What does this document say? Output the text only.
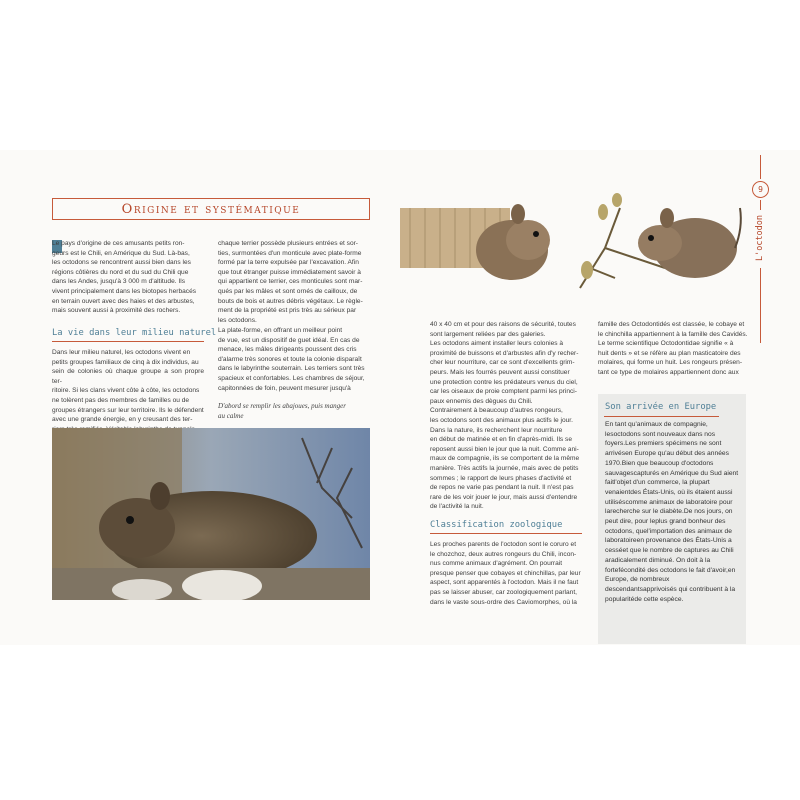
Origine et systématique
Le pays d'origine de ces amusants petits ron-
geurs est le Chili, en Amérique du Sud. Là-bas,
les octodons se rencontrent aussi bien dans les
régions côtières du nord et du sud du Chili que
dans les Andes, jusqu'à 3 000 m d'altitude. Ils
vivent principalement dans les biotopes herbacés
en terrain ouvert avec des haies et des arbustes,
mais souvent aussi à proximité des rochers.
La vie dans leur milieu naturel
Dans leur milieu naturel, les octodons vivent en
petits groupes familiaux de cinq à dix individus, au
sein de colonies où chaque groupe a son propre ter-
ritoire. Si les clans vivent côte à côte, les octodons
ne tolèrent pas des membres de familles ou de
groupes étrangers sur leur territoire. Ils le défendent
avec une grande énergie, en y creusant des ter-
chaque terrier possède plusieurs entrées et sor-
ties, surmontées d'un monticule avec plate-forme
formé par la terre expulsée par l'excavation. Afin
que tout étranger puisse immédiatement savoir à
qui appartient ce terrier, ces monticules sont mar-
qués par les mâles et sont ornés de cailloux, de
bouts de bois et autres débris végétaux. Le règle-
ment de la propriété est pris très au sérieux par
les octodons.
La plate-forme, en offrant un meilleur point
de vue, est un dispositif de guet idéal. En cas de
menace, les mâles dirigeants poussent des cris
d'alarme très sonores et toute la colonie disparaît
dans le labyrinthe souterrain. Les terriers sont très
spacieux et confortables. Les chambres de séjour,
capitonnées de foin, peuvent mesurer jusqu'à
D'abord se remplir les abajoues, puis manger
au calme
40 x 40 cm et pour des raisons de sécurité, toutes
sont largement reliées par des galeries.
Les octodons aiment installer leurs colonies à
proximité de buissons et d'arbustes afin d'y recher-
cher leur nourriture, car ce sont d'excellents grim-
peurs. Mais les fourrés peuvent aussi constituer
une protection contre les prédateurs venus du ciel,
car les oiseaux de proie comptent parmi les princi-
paux ennemis des dègues du Chili.
Contrairement à beaucoup d'autres rongeurs,
les octodons sont des animaux plus actifs le jour.
Dans la nature, ils recherchent leur nourriture
en début de matinée et en fin d'après-midi. Ils se
reposent aussi bien le jour que la nuit. Comme ani-
maux de compagnie, ils se comportent de la même
manière. Très actifs la journée, mais avec de petits
sommes ; le rapport de leurs phases d'activité et
de repos ne varie pas pendant la nuit. Il n'est pas
rare de les voir jouer le jour, mais aussi d'entendre
de l'activité la nuit.
Classification zoologique
Les proches parents de l'octodon sont le coruro et
le chozchoz, deux autres rongeurs du Chili, incon-
nus comme animaux d'agrément. On pourrait
presque penser que cobayes et chinchillas, par leur
aspect, sont apparentés à l'octodon. Mais il ne faut
pas se laisser abuser, car zoologiquement parlant,
dans le vaste sous-ordre des Caviomorphes, où la
famille des Octodontidés est classée, le cobaye et
le chinchilla appartiennent à la famille des Cavidés.
Le terme scientifique Octodontidae signifie « à
huit dents » et se réfère au plan masticatoire des
molaires, qui forme un huit. Les rongeurs présen-
tant ce type de molaires appartiennent donc aux
Son arrivée en Europe
En tant qu'animaux de compagnie, lesoctodons sont nouveaux dans nos foyers.Les premiers spécimens ne sont arrivésen Europe qu'au début des années 1970.Bien que beaucoup d'octodons sauvagescapturés en Amérique du Sud aient faitl'objet d'un commerce, la plupart venaientdes États-Unis, où ils étaient aussi utiliséscomme animaux de laboratoire pour larecherche sur le diabète.De nos jours, on peut dire, pour leplus grand bonheur des octodons, quel'importation des animaux de laboratoireen provenance des États-Unis a cesséet que le nombre de captures au Chili aradicalement diminué. On doit à la fortefécondité des octodons le fait d'avoir,en Europe, de nombreux descendantsapprivoisés qui contribuent à la popularitéde cette espèce.
9
L'octodon
